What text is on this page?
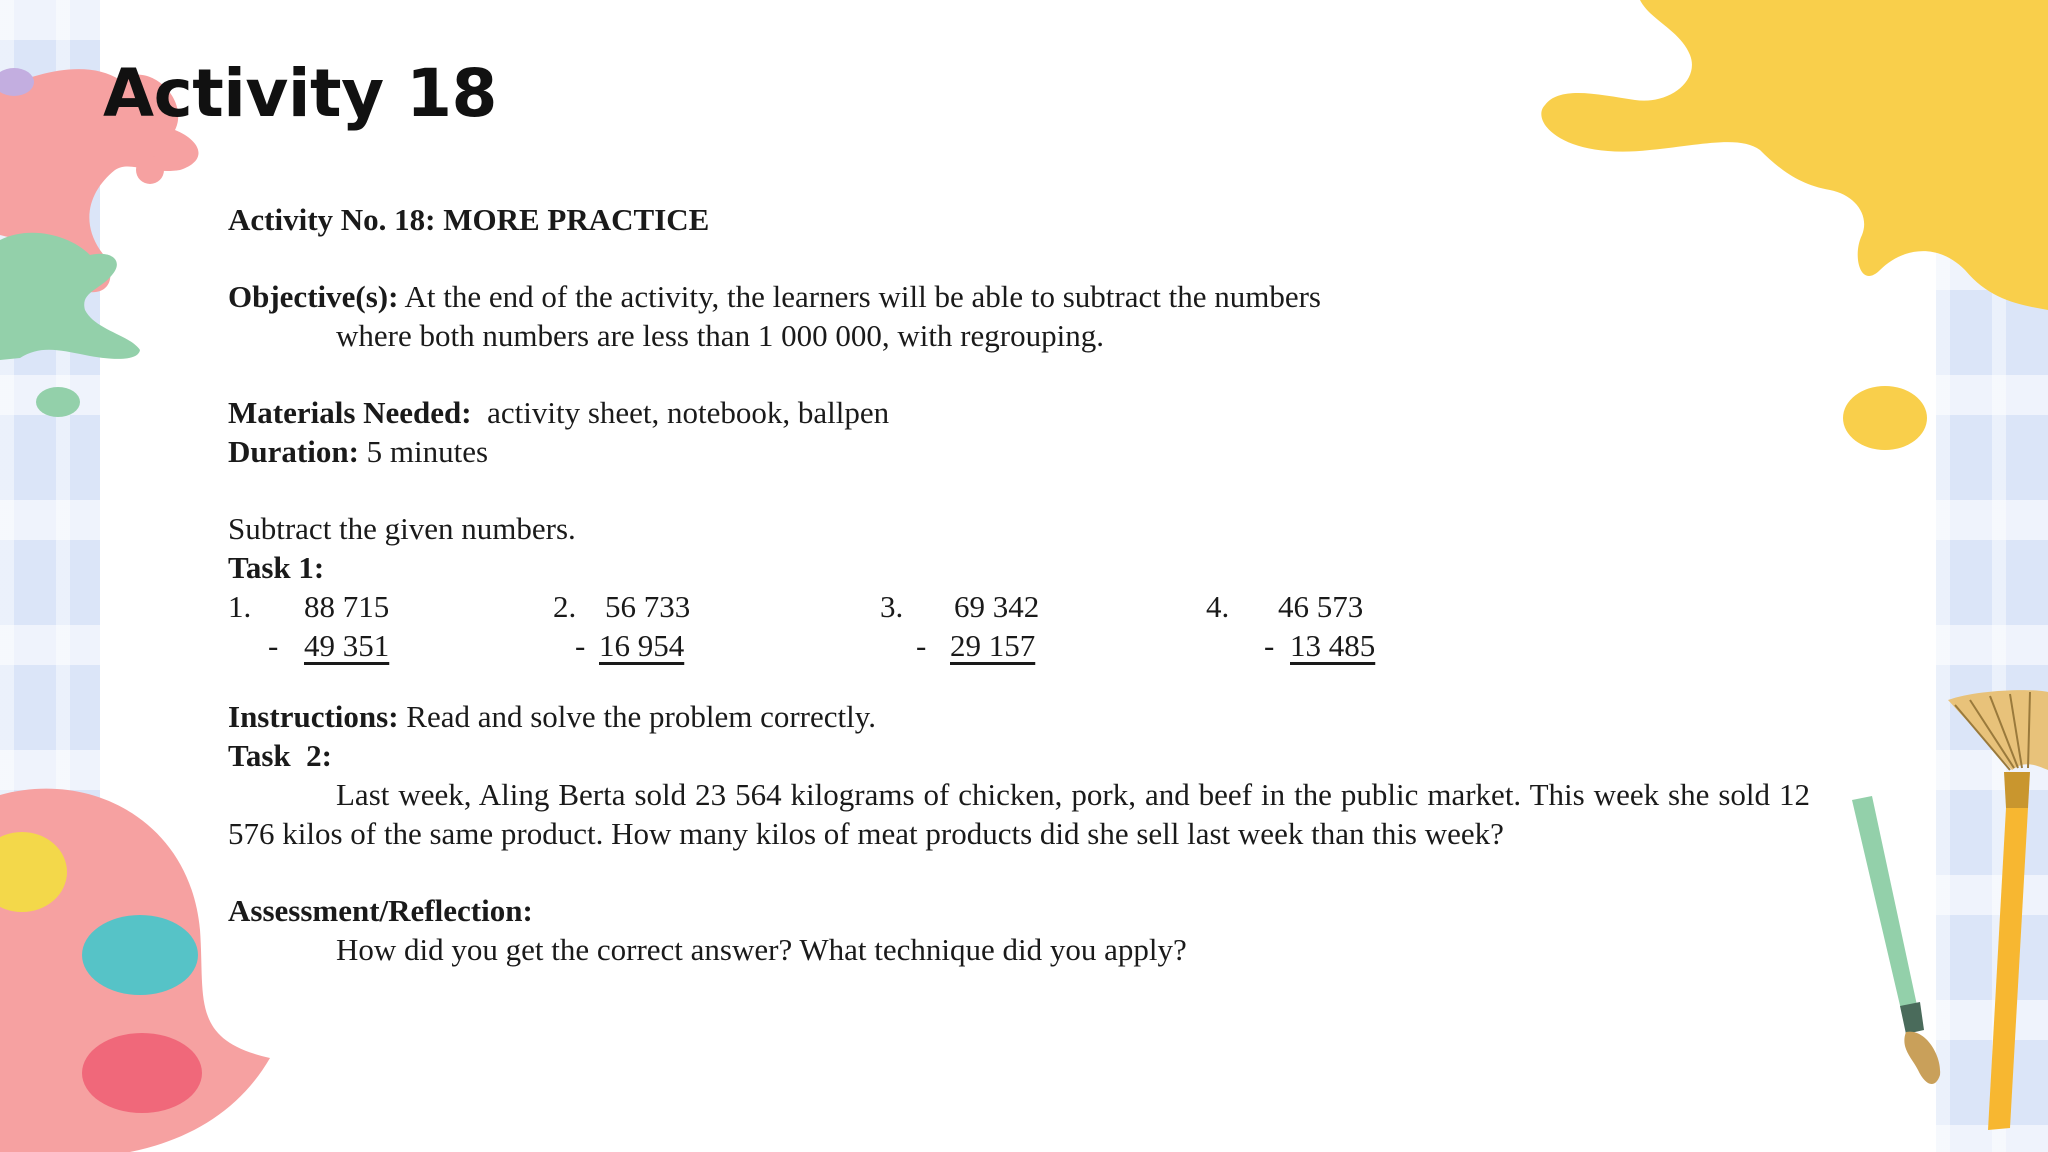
Activity 18

Activity No. 18: MORE PRACTICE

Objective(s): At the end of the activity, the learners will be able to subtract the numbers

where both numbers are less than 1 000 000, with regrouping.

Materials Needed: activity sheet, notebook, ballpen

Duration: 5 minutes

Subtract the given numbers.

Task 1:

1. 88 715
- 49 351
2. 56 733
- 16 954
3. 69 342
- 29 157
4. 46 573
- 13 485

Instructions: Read and solve the problem correctly.

Task  2:

Last week, Aling Berta sold 23 564 kilograms of chicken, pork, and beef in the public market. This week she sold 12 576 kilos of the same product. How many kilos of meat products did she sell last week than this week?

Assessment/Reflection:

How did you get the correct answer? What technique did you apply?
